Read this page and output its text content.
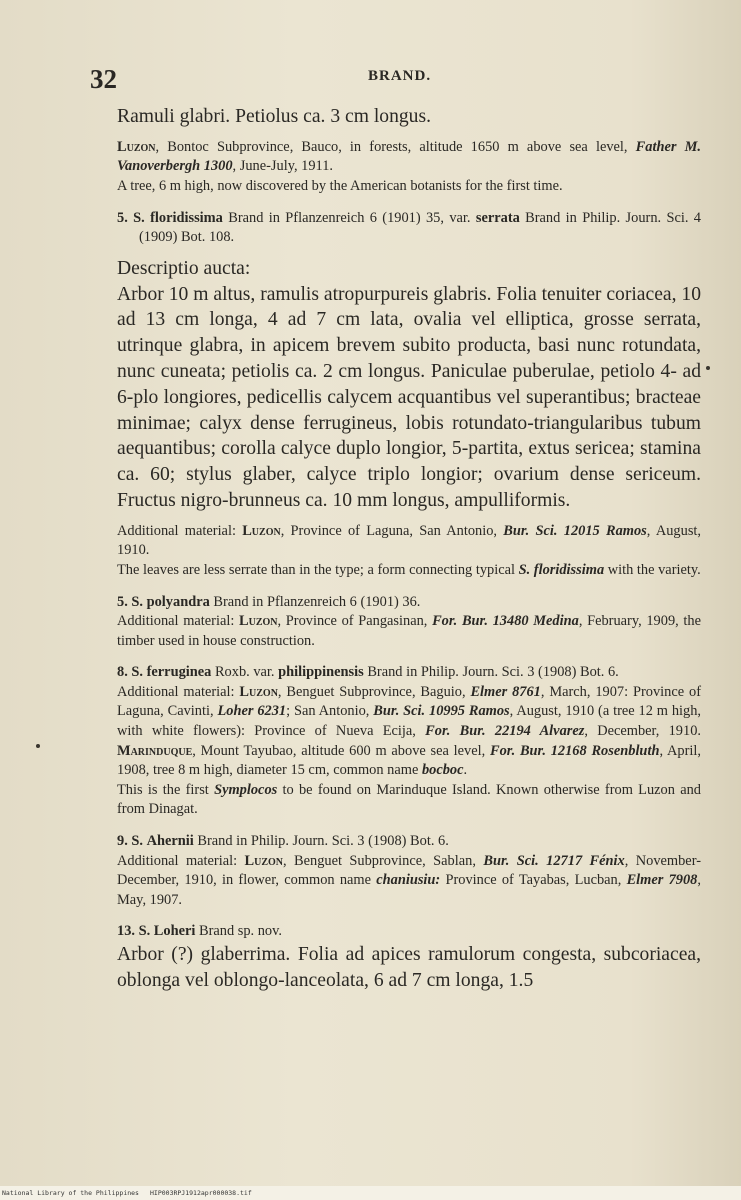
32	BRAND.

Ramuli glabri. Petiolus ca. 3 cm longus.

Luzon, Bontoc Subprovince, Bauco, in forests, altitude 1650 m above sea level, Father M. Vanoverbergh 1300, June-July, 1911.

A tree, 6 m high, now discovered by the American botanists for the first time.

5. S. floridissima Brand in Pflanzenreich 6 (1901) 35, var. serrata Brand in Philip. Journ. Sci. 4 (1909) Bot. 108.

Descriptio aucta:

Arbor 10 m altus, ramulis atropurpureis glabris. Folia tenuiter coriacea, 10 ad 13 cm longa, 4 ad 7 cm lata, ovalia vel elliptica, grosse serrata, utrinque glabra, in apicem brevem subito producta, basi nunc rotundata, nunc cuneata; petiolis ca. 2 cm longus. Paniculae puberulae, petiolo 4- ad 6-plo longiores, pedicellis calycem acquantibus vel superantibus; bracteae minimae; calyx dense ferrugineus, lobis rotundato-triangularibus tubum aequantibus; corolla calyce duplo longior, 5-partita, extus sericea; stamina ca. 60; stylus glaber, calyce triplo longior; ovarium dense sericeum. Fructus nigro-brunneus ca. 10 mm longus, ampulliformis.

Additional material: Luzon, Province of Laguna, San Antonio, Bur. Sci. 12015 Ramos, August, 1910.

The leaves are less serrate than in the type; a form connecting typical S. floridissima with the variety.

5. S. polyandra Brand in Pflanzenreich 6 (1901) 36.

Additional material: Luzon, Province of Pangasinan, For. Bur. 13480 Medina, February, 1909, the timber used in house construction.

8. S. ferruginea Roxb. var. philippinensis Brand in Philip. Journ. Sci. 3 (1908) Bot. 6.

Additional material: Luzon, Benguet Subprovince, Baguio, Elmer 8761, March, 1907: Province of Laguna, Cavinti, Loher 6231; San Antonio, Bur. Sci. 10995 Ramos, August, 1910 (a tree 12 m high, with white flowers): Province of Nueva Ecija, For. Bur. 22194 Alvarez, December, 1910. Marinduque, Mount Tayubao, altitude 600 m above sea level, For. Bur. 12168 Rosenbluth, April, 1908, tree 8 m high, diameter 15 cm, common name bocboc.

This is the first Symplocos to be found on Marinduque Island. Known otherwise from Luzon and from Dinagat.

9. S. Ahernii Brand in Philip. Journ. Sci. 3 (1908) Bot. 6.

Additional material: Luzon, Benguet Subprovince, Sablan, Bur. Sci. 12717 Fénix, November-December, 1910, in flower, common name chaniusiu: Province of Tayabas, Lucban, Elmer 7908, May, 1907.

13. S. Loheri Brand sp. nov.

Arbor (?) glaberrima. Folia ad apices ramulorum congesta, subcoriacea, oblonga vel oblongo-lanceolata, 6 ad 7 cm longa, 1.5

National Library of the Philippines HIP003RPJ1912apr000038.tif
